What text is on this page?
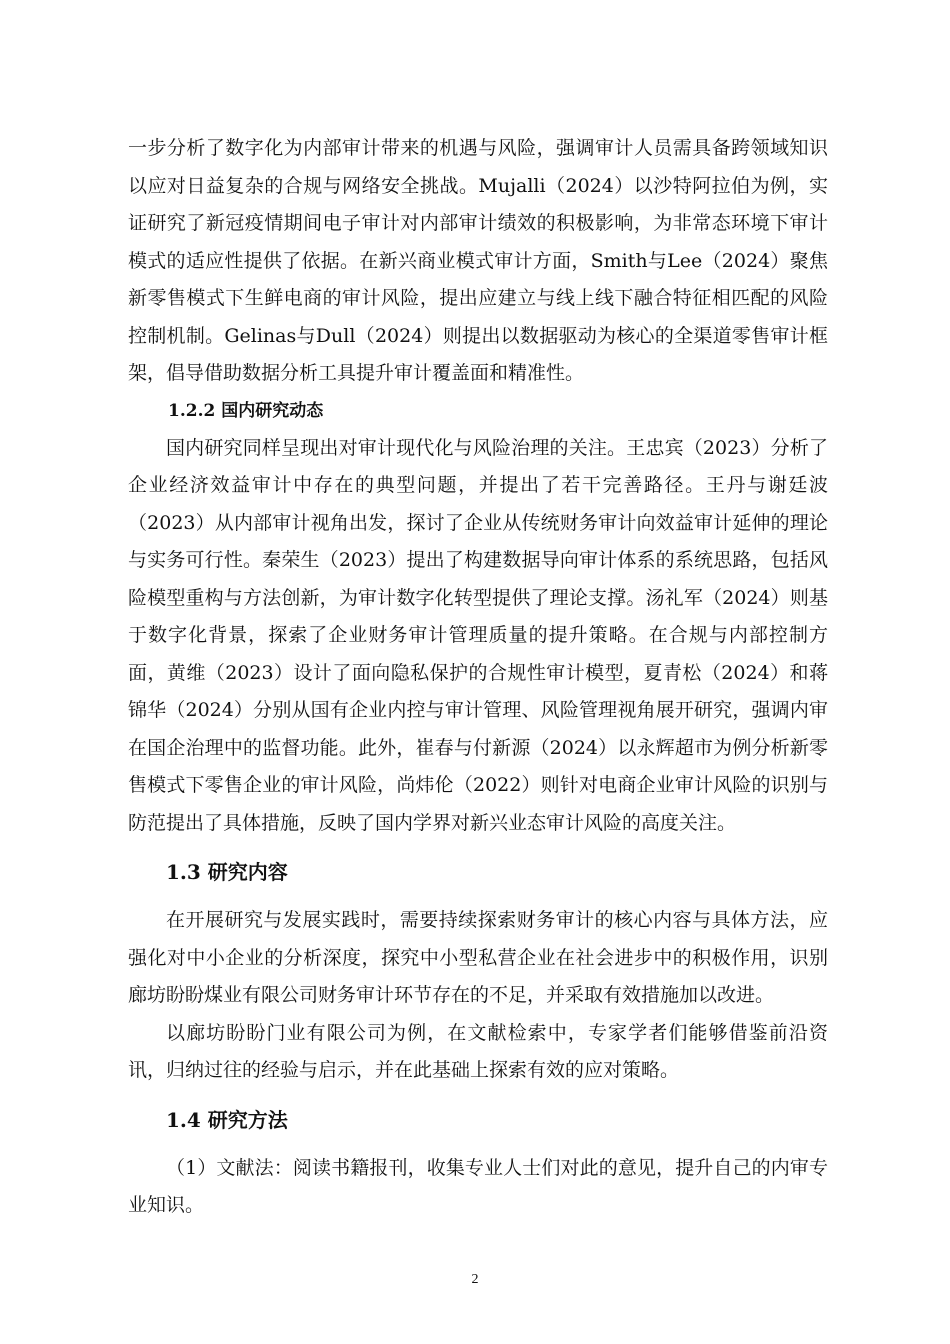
一步分析了数字化为内部审计带来的机遇与风险，强调审计人员需具备跨领域知识以应对日益复杂的合规与网络安全挑战。Mujalli（2024）以沙特阿拉伯为例，实证研究了新冠疫情期间电子审计对内部审计绩效的积极影响，为非常态环境下审计模式的适应性提供了依据。在新兴商业模式审计方面，Smith与Lee（2024）聚焦新零售模式下生鲜电商的审计风险，提出应建立与线上线下融合特征相匹配的风险控制机制。Gelinas与Dull（2024）则提出以数据驱动为核心的全渠道零售审计框架，倡导借助数据分析工具提升审计覆盖面和精准性。

1.2.2 国内研究动态

国内研究同样呈现出对审计现代化与风险治理的关注。王忠宾（2023）分析了企业经济效益审计中存在的典型问题，并提出了若干完善路径。王丹与谢廷波（2023）从内部审计视角出发，探讨了企业从传统财务审计向效益审计延伸的理论与实务可行性。秦荣生（2023）提出了构建数据导向审计体系的系统思路，包括风险模型重构与方法创新，为审计数字化转型提供了理论支撑。汤礼军（2024）则基于数字化背景，探索了企业财务审计管理质量的提升策略。在合规与内部控制方面，黄维（2023）设计了面向隐私保护的合规性审计模型，夏青松（2024）和蒋锦华（2024）分别从国有企业内控与审计管理、风险管理视角展开研究，强调内审在国企治理中的监督功能。此外，崔春与付新源（2024）以永辉超市为例分析新零售模式下零售企业的审计风险，尚炜伦（2022）则针对电商企业审计风险的识别与防范提出了具体措施，反映了国内学界对新兴业态审计风险的高度关注。

1.3 研究内容

在开展研究与发展实践时，需要持续探索财务审计的核心内容与具体方法，应强化对中小企业的分析深度，探究中小型私营企业在社会进步中的积极作用，识别廊坊盼盼煤业有限公司财务审计环节存在的不足，并采取有效措施加以改进。

以廊坊盼盼门业有限公司为例，在文献检索中，专家学者们能够借鉴前沿资讯，归纳过往的经验与启示，并在此基础上探索有效的应对策略。

1.4 研究方法

（1）文献法：阅读书籍报刊，收集专业人士们对此的意见，提升自己的内审专业知识。

2
